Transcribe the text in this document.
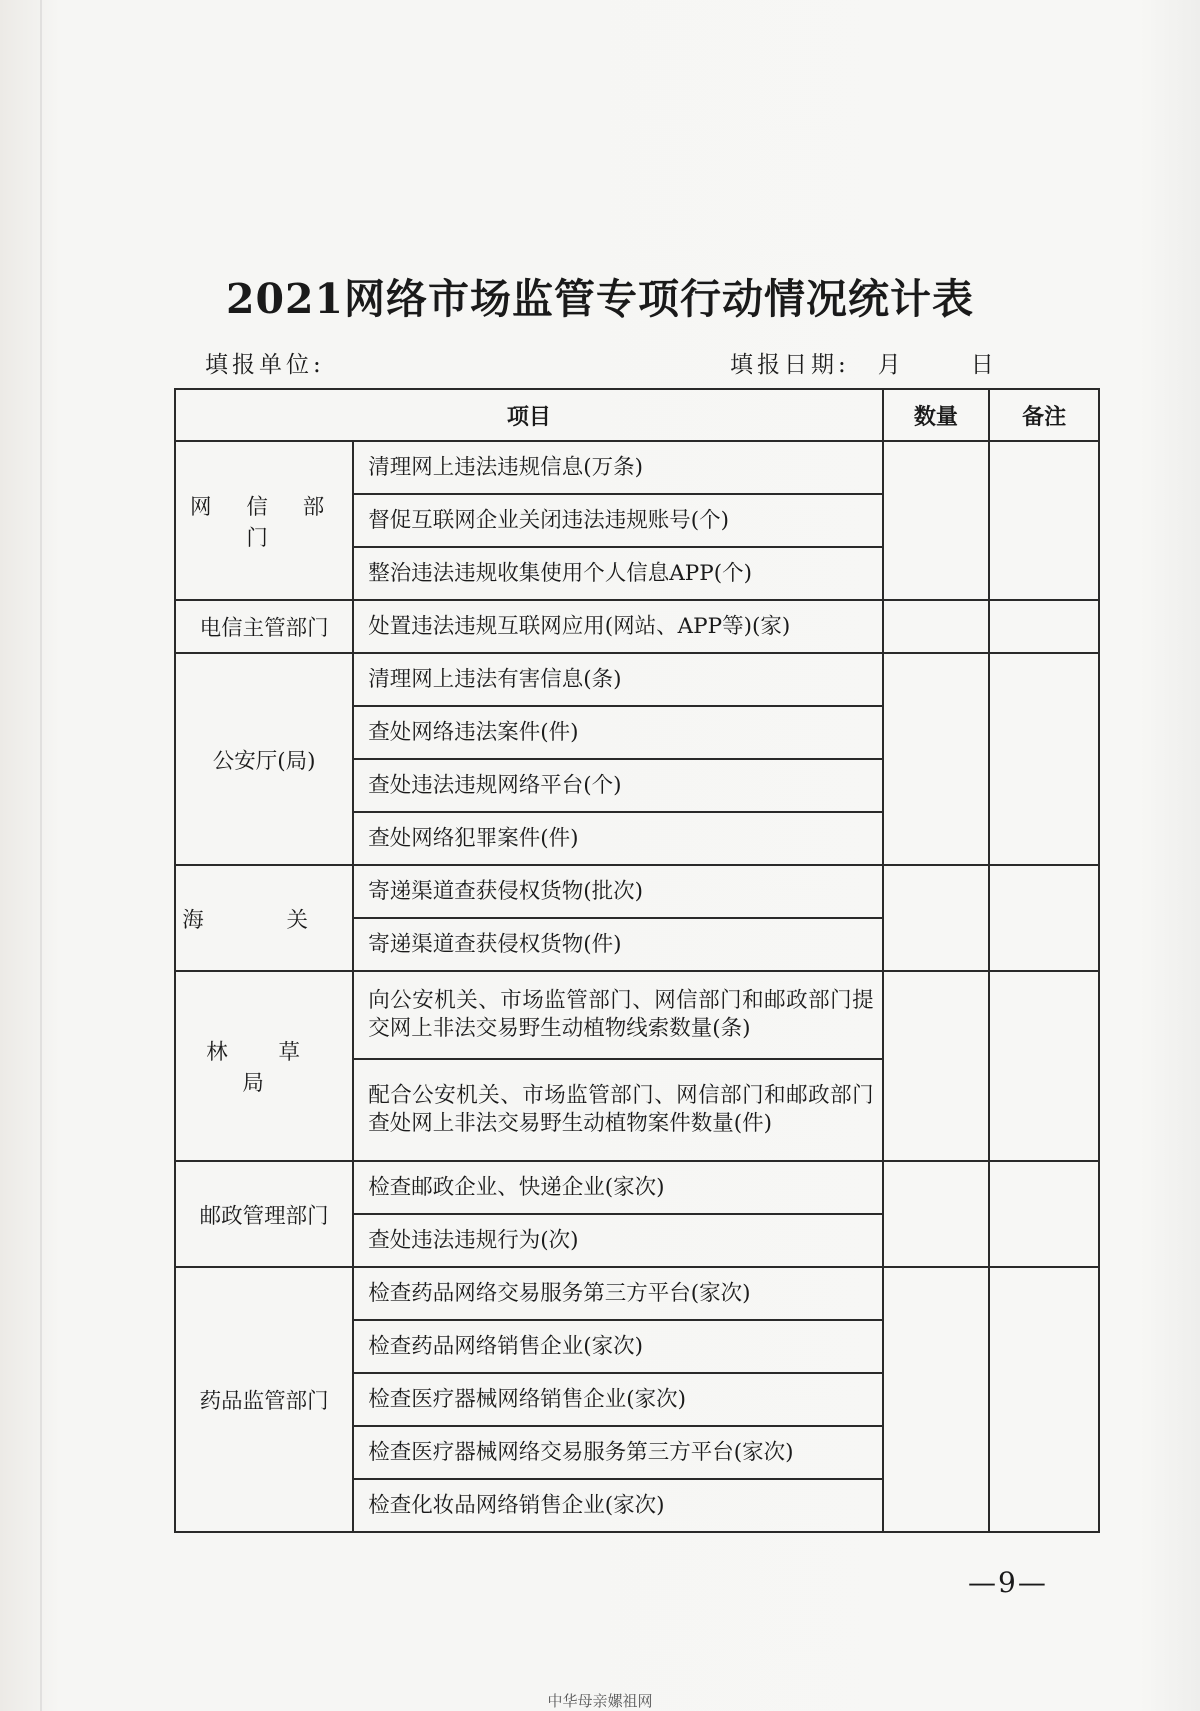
2021网络市场监管专项行动情况统计表
填报单位:	填报日期: 月	日
项目		数量	备注
网 信 部 门	清理网上违法违规信息(万条)		
	督促互联网企业关闭违法违规账号(个)		
	整治违法违规收集使用个人信息APP(个)		
电信主管部门	处置违法违规互联网应用(网站、APP等)(家)		
公安厅(局)	清理网上违法有害信息(条)		
	查处网络违法案件(件)		
	查处违法违规网络平台(个)		
	查处网络犯罪案件(件)		
海 关	寄递渠道查获侵权货物(批次)		
	寄递渠道查获侵权货物(件)		
林 草 局	向公安机关、市场监管部门、网信部门和邮政部门提交网上非法交易野生动植物线索数量(条)		
	配合公安机关、市场监管部门、网信部门和邮政部门查处网上非法交易野生动植物案件数量(件)		
邮政管理部门	检查邮政企业、快递企业(家次)		
	查处违法违规行为(次)		
药品监管部门	检查药品网络交易服务第三方平台(家次)		
	检查药品网络销售企业(家次)		
	检查医疗器械网络销售企业(家次)		
	检查医疗器械网络交易服务第三方平台(家次)		
	检查化妆品网络销售企业(家次)		
—9—
中华母亲嫘祖网
